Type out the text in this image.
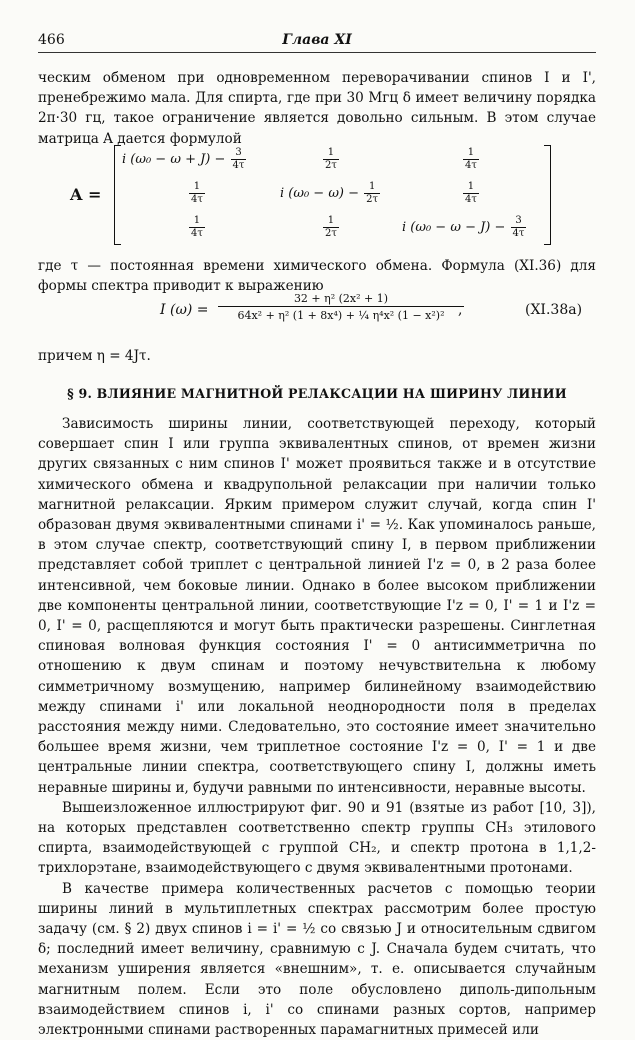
466	Глава XI

ческим обменом при одновременном переворачивании спинов I и I', пренебрежимо мала. Для спирта, где при 30 Мгц δ имеет величину порядка 2π·30 гц, такое ограничение является довольно сильным. В этом случае матрица A дается формулой

A =
i $(\omega_0 - \omega + J) - \frac{3}{4\tau}$	$\frac{1}{2\tau}$	$\frac{1}{4\tau}$
$\frac{1}{4\tau}$	i $(\omega_0 - \omega) - \frac{1}{2\tau}$	$\frac{1}{4\tau}$
$\frac{1}{4\tau}$	$\frac{1}{2\tau}$	i $(\omega_0 - \omega - J) - \frac{3}{4\tau}$

где τ — постоянная времени химического обмена. Формула (XI.36) для формы спектра приводит к выражению

I $(\omega) = \frac{\text{32 + η² (2x² + 1)}}{\text{64x² + η² (1 + 8x⁴) + ¼ η⁴x² (1 − x²)²}}$
,	(XI.38а)

причем η = 4Jτ.

§ 9. ВЛИЯНИЕ МАГНИТНОЙ РЕЛАКСАЦИИ НА ШИРИНУ ЛИНИИ

Зависимость ширины линии, соответствующей переходу, который совершает спин I или группа эквивалентных спинов, от времен жизни других связанных с ним спинов I' может проявиться также и в отсутствие химического обмена и квадрупольной релаксации при наличии только магнитной релаксации. Ярким примером служит случай, когда спин I' образован двумя эквивалентными спинами i' = ½. Как упоминалось раньше, в этом случае спектр, соответствующий спину I, в первом приближении представляет собой триплет с центральной линией I'z = 0, в 2 раза более интенсивной, чем боковые линии. Однако в более высоком приближении две компоненты центральной линии, соответствующие I'z = 0, I' = 1 и I'z = 0, I' = 0, расщепляются и могут быть практически разрешены. Синглетная спиновая волновая функция состояния I' = 0 антисимметрична по отношению к двум спинам и поэтому нечувствительна к любому симметричному возмущению, например билинейному взаимодействию между спинами i' или локальной неоднородности поля в пределах расстояния между ними. Следовательно, это состояние имеет значительно большее время жизни, чем триплетное состояние I'z = 0, I' = 1 и две центральные линии спектра, соответствующего спину I, должны иметь неравные ширины и, будучи равными по интенсивности, неравные высоты.

Вышеизложенное иллюстрируют фиг. 90 и 91 (взятые из работ [10, 3]), на которых представлен соответственно спектр группы CH₃ этилового спирта, взаимодействующей с группой CH₂, и спектр протона в 1,1,2-трихлорэтане, взаимодействующего с двумя эквивалентными протонами.

В качестве примера количественных расчетов с помощью теории ширины линий в мультиплетных спектрах рассмотрим более простую задачу (см. § 2) двух спинов i = i' = ½ со связью J и относительным сдвигом δ; последний имеет величину, сравнимую с J. Сначала будем считать, что механизм уширения является «внешним», т. е. описывается случайным магнитным полем. Если это поле обусловлено диполь-дипольным взаимодействием спинов i, i' со спинами разных сортов, например электронными спинами растворенных парамагнитных примесей или
